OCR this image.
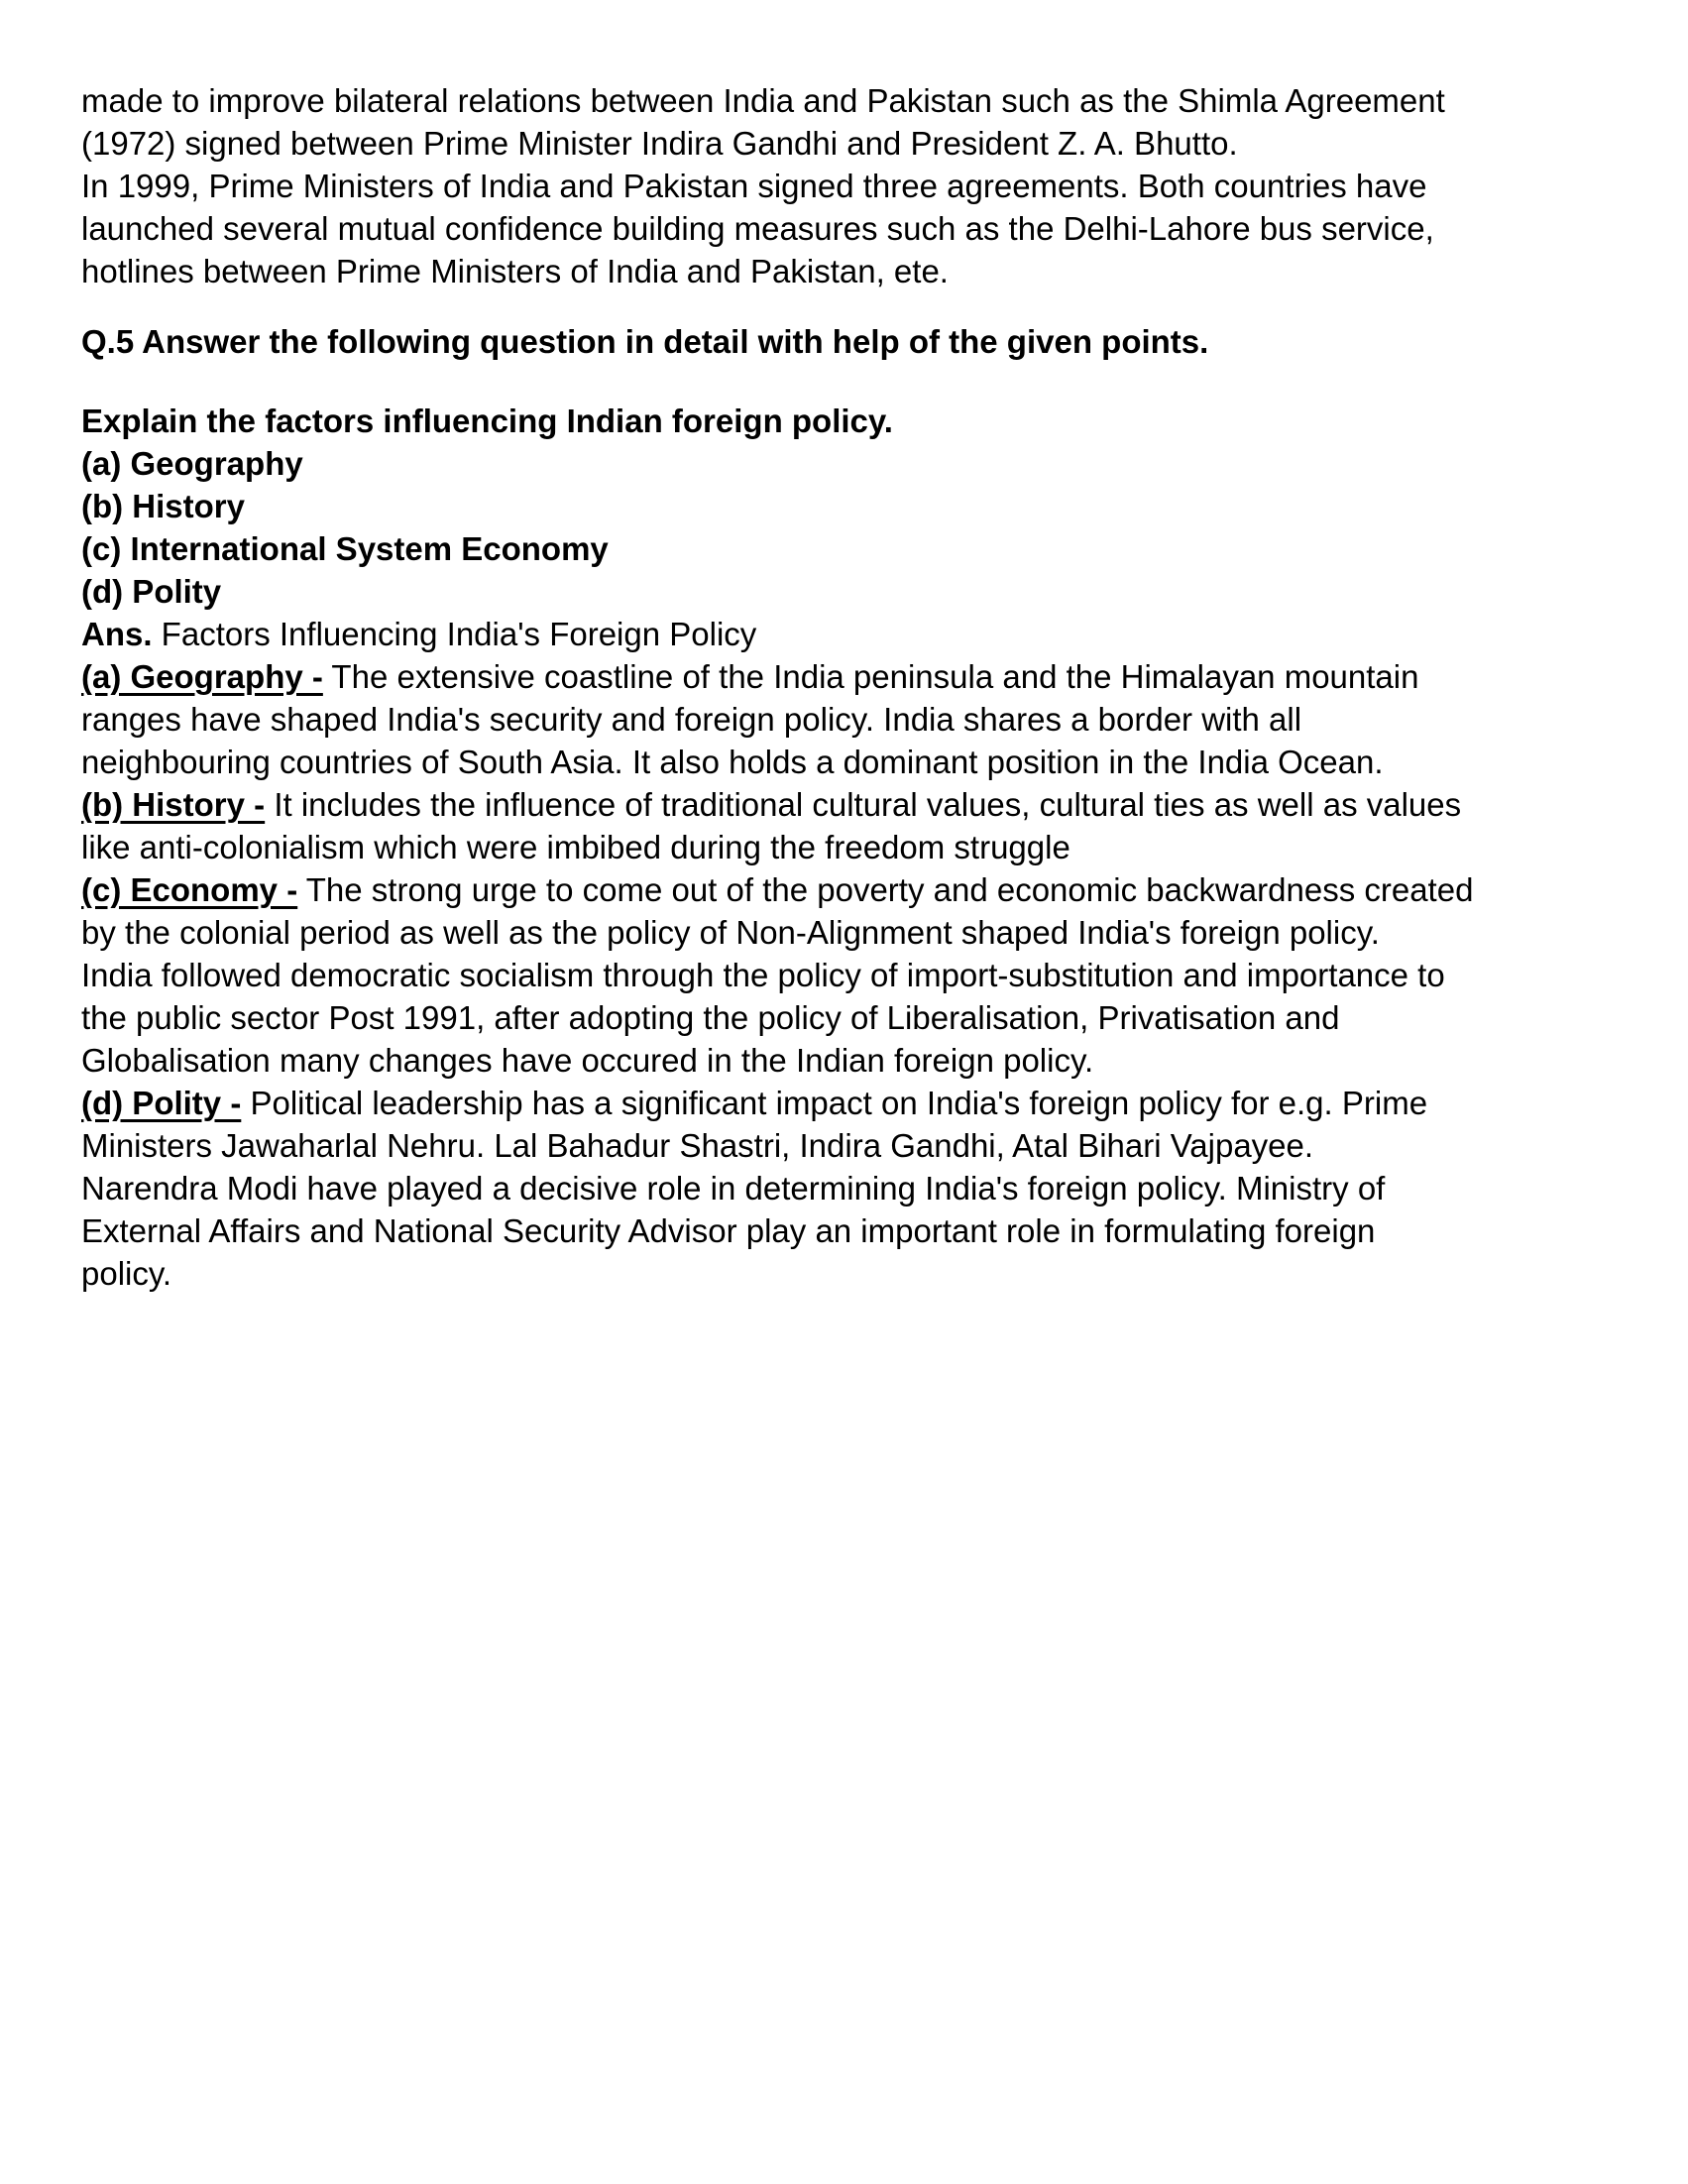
made to improve bilateral relations between India and Pakistan such as the Shimla Agreement
(1972) signed between Prime Minister Indira Gandhi and President Z. A. Bhutto.
In 1999, Prime Ministers of India and Pakistan signed three agreements. Both countries have
launched several mutual confidence building measures such as the Delhi-Lahore bus service,
hotlines between Prime Ministers of India and Pakistan, ete.
Q.5 Answer the following question in detail with help of the given points.
Explain the factors influencing Indian foreign policy.
(a) Geography
(b) History
(c) International System Economy
(d) Polity
Ans. Factors Influencing India's Foreign Policy
(a) Geography - The extensive coastline of the India peninsula and the Himalayan mountain
ranges have shaped India's security and foreign policy. India shares a border with all
neighbouring countries of South Asia. It also holds a dominant position in the India Ocean.
(b) History - It includes the influence of traditional cultural values, cultural ties as well as values
like anti-colonialism which were imbibed during the freedom struggle
(c) Economy - The strong urge to come out of the poverty and economic backwardness created
by the colonial period as well as the policy of Non-Alignment shaped India's foreign policy.
India followed democratic socialism through the policy of import-substitution and importance to
the public sector Post 1991, after adopting the policy of Liberalisation, Privatisation and
Globalisation many changes have occured in the Indian foreign policy.
(d) Polity - Political leadership has a significant impact on India's foreign policy for e.g. Prime
Ministers Jawaharlal Nehru. Lal Bahadur Shastri, Indira Gandhi, Atal Bihari Vajpayee.
Narendra Modi have played a decisive role in determining India's foreign policy. Ministry of
External Affairs and National Security Advisor play an important role in formulating foreign
policy.
